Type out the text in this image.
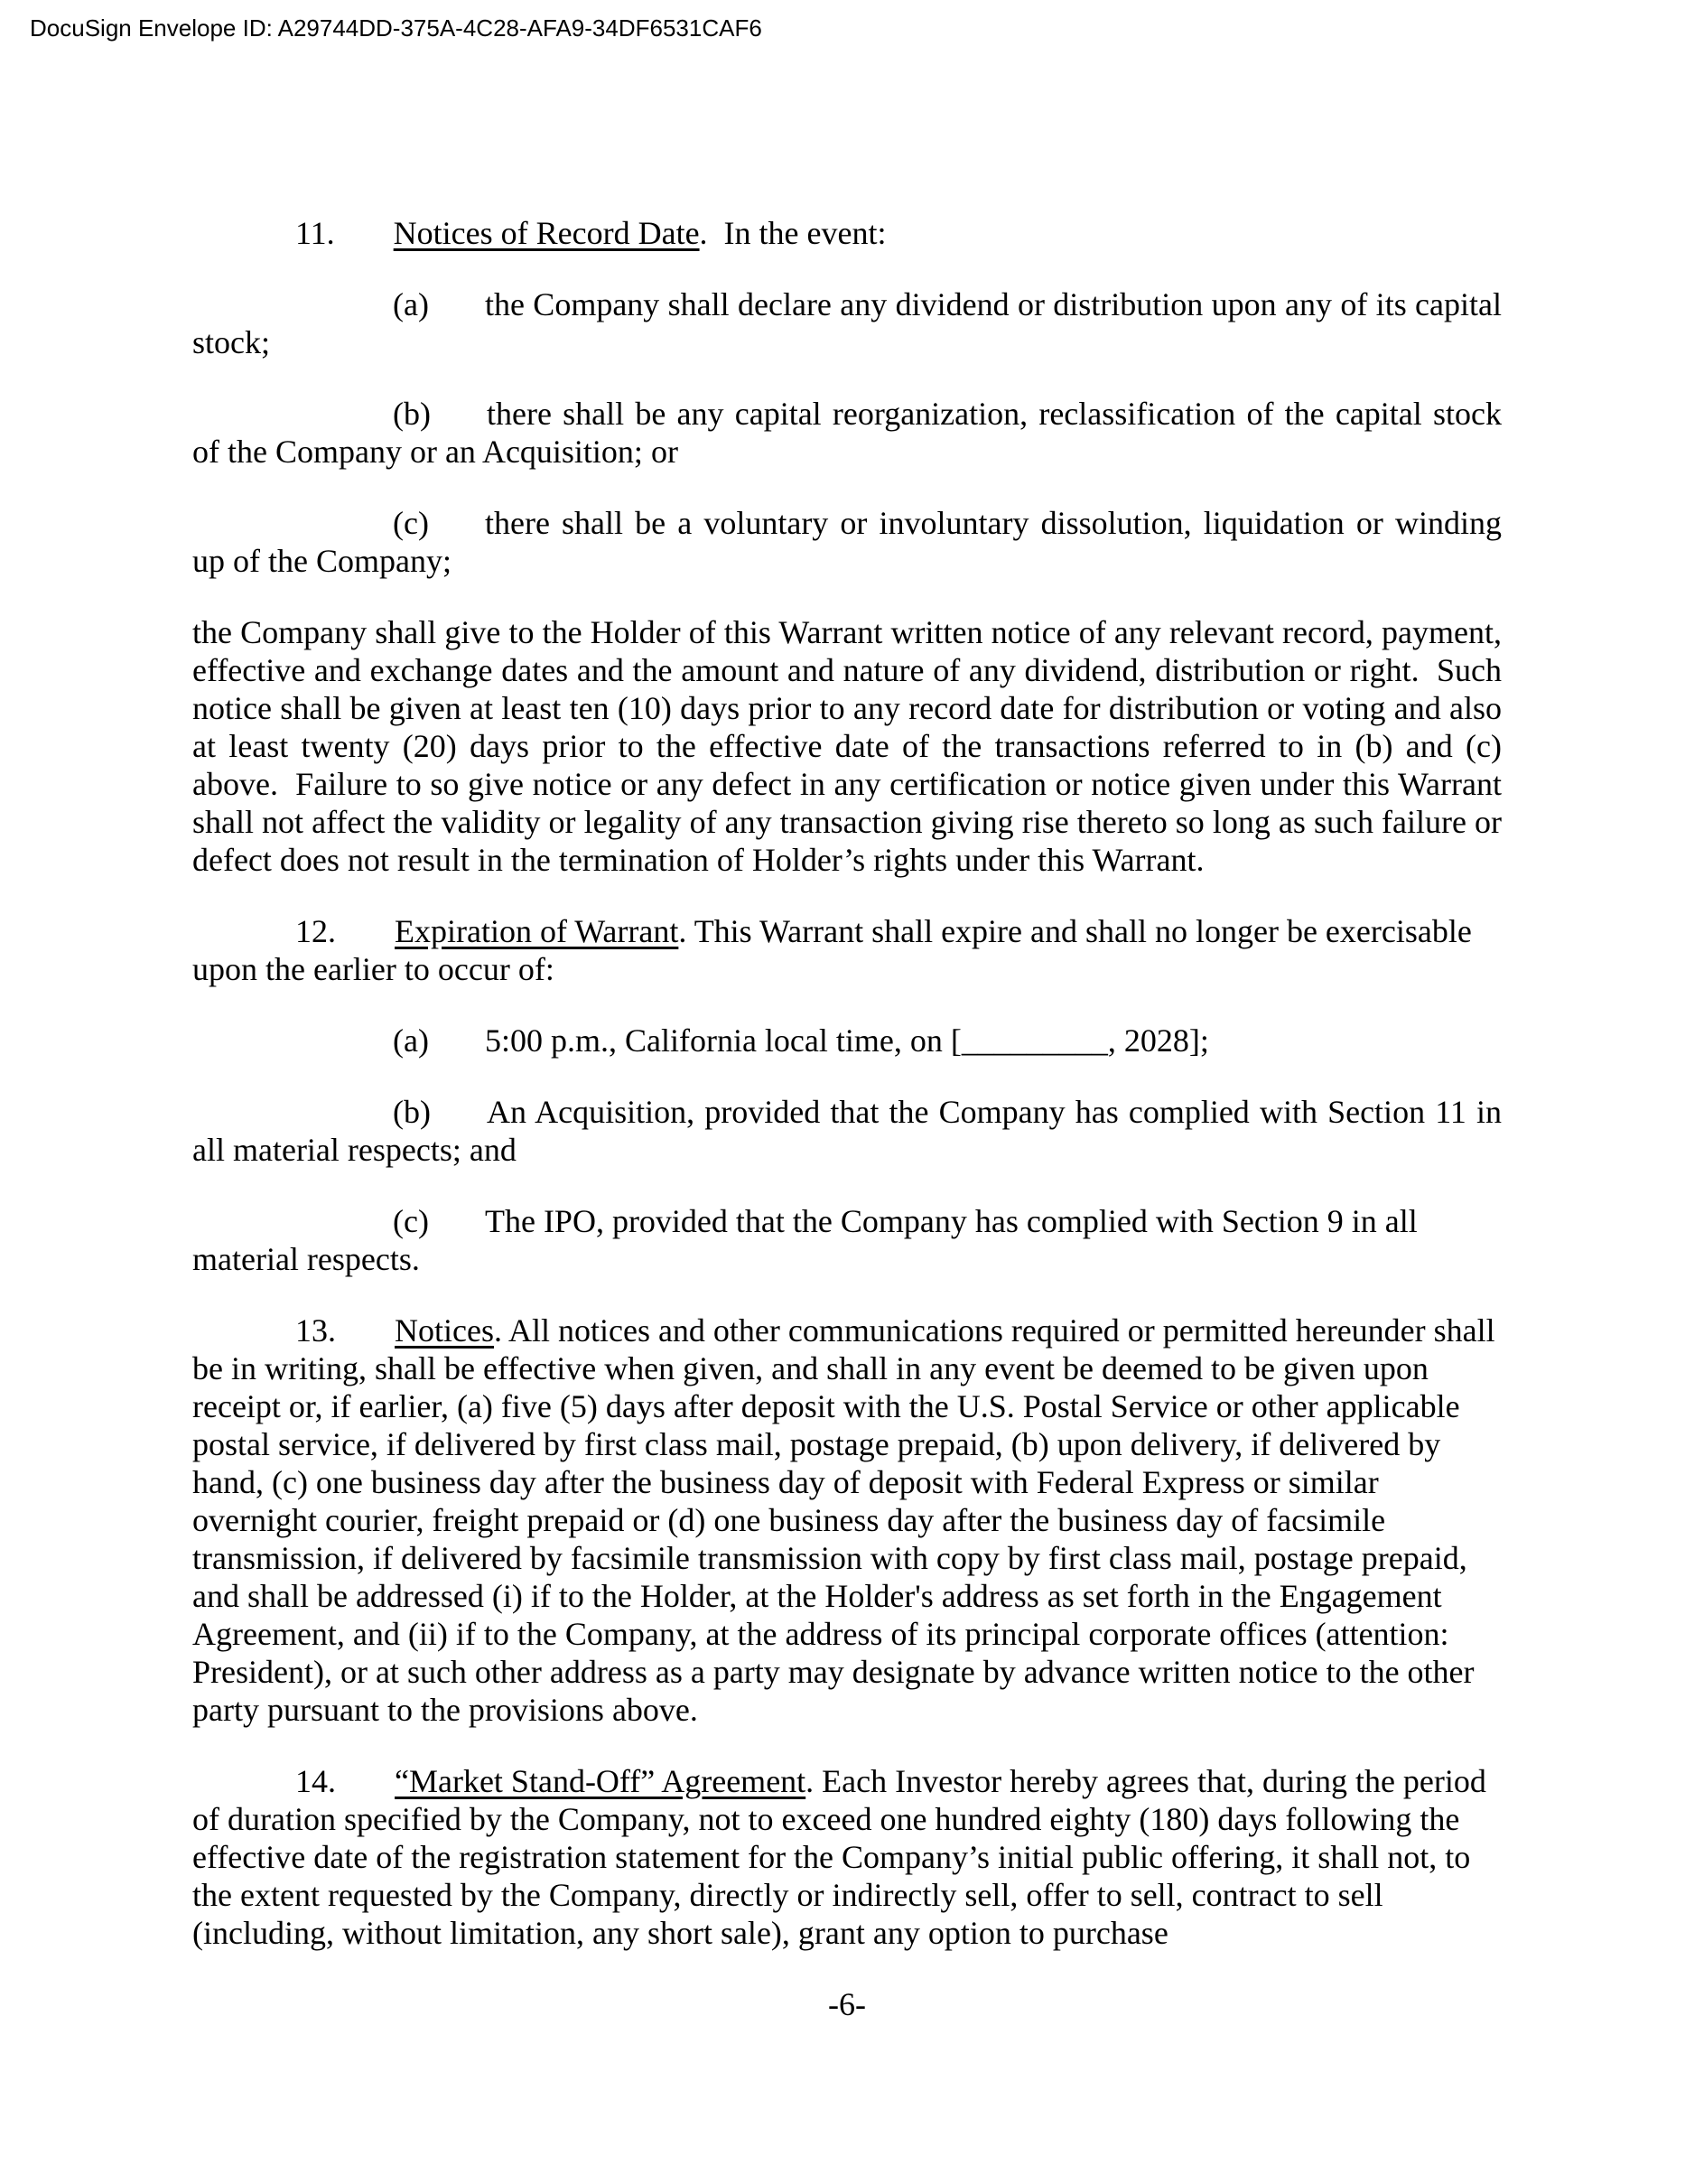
DocuSign Envelope ID: A29744DD-375A-4C28-AFA9-34DF6531CAF6

11. Notices of Record Date.  In the event:

(a) the Company shall declare any dividend or distribution upon any of its capital stock;

(b) there shall be any capital reorganization, reclassification of the capital stock of the Company or an Acquisition; or

(c) there shall be a voluntary or involuntary dissolution, liquidation or winding up of the Company;

the Company shall give to the Holder of this Warrant written notice of any relevant record, payment, effective and exchange dates and the amount and nature of any dividend, distribution or right.  Such notice shall be given at least ten (10) days prior to any record date for distribution or voting and also at least twenty (20) days prior to the effective date of the transactions referred to in (b) and (c) above.  Failure to so give notice or any defect in any certification or notice given under this Warrant shall not affect the validity or legality of any transaction giving rise thereto so long as such failure or defect does not result in the termination of Holder’s rights under this Warrant.

12. Expiration of Warrant. This Warrant shall expire and shall no longer be exercisable upon the earlier to occur of:

(a) 5:00 p.m., California local time, on [_________, 2028];

(b) An Acquisition, provided that the Company has complied with Section 11 in all material respects; and

(c) The IPO, provided that the Company has complied with Section 9 in all material respects.

13. Notices. All notices and other communications required or permitted hereunder shall be in writing, shall be effective when given, and shall in any event be deemed to be given upon receipt or, if earlier, (a) five (5) days after deposit with the U.S. Postal Service or other applicable postal service, if delivered by first class mail, postage prepaid, (b) upon delivery, if delivered by hand, (c) one business day after the business day of deposit with Federal Express or similar overnight courier, freight prepaid or (d) one business day after the business day of facsimile transmission, if delivered by facsimile transmission with copy by first class mail, postage prepaid, and shall be addressed (i) if to the Holder, at the Holder's address as set forth in the Engagement Agreement, and (ii) if to the Company, at the address of its principal corporate offices (attention: President), or at such other address as a party may designate by advance written notice to the other party pursuant to the provisions above.

14. “Market Stand-Off” Agreement. Each Investor hereby agrees that, during the period of duration specified by the Company, not to exceed one hundred eighty (180) days following the effective date of the registration statement for the Company’s initial public offering, it shall not, to the extent requested by the Company, directly or indirectly sell, offer to sell, contract to sell (including, without limitation, any short sale), grant any option to purchase

-6-
